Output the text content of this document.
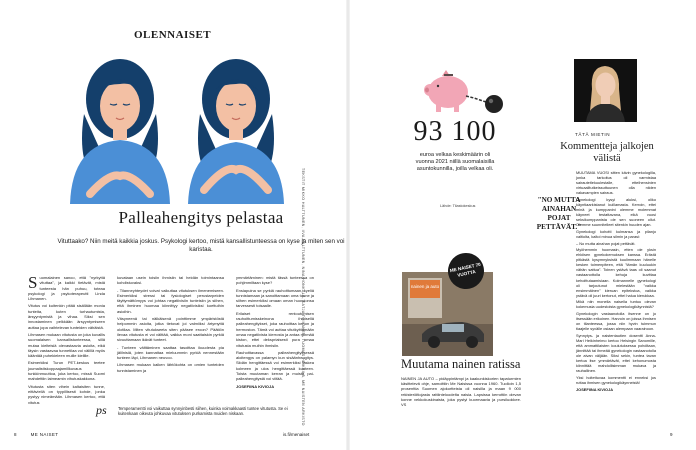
OLENNAISET
Palleahengitys pelastaa
Vituttaako? Niin meitä kaikkia joskus. Psykologi kertoo, mistä kansallistunteessa on kyse ja miten sen voi karistaa.

Suomalainen sanoo, että "nyrkyttä vituttaa", ja kaikki tietävät, mistä tunteesta hän puhuu, toteaa psykologi ja psykoterapeutti Linda Lihmanen.

Vitutus voi kuitenkin pitää sisällään monia tunteita, kuten turhautumista, ärsyyntymistä ja vihaa. Siksi sen innostaminen pelkkään ärsyyntymiseen auttaa jopa vaihtelevan tunteiden vähäistä.

Lihmasen mukaan vitutusta on joka kuvallis suomalaisen kansallistunteessa, sillä mutaa kielteisiä olevastaavia asioita, eikä täysin vastaavaa tunnetilaa voi välillä myös kääntää puhekieleen muille kielille.

Esimerkiksi Turun PET-keskus teetee joumalistiskoppaajamillkuvaus tunkkinmuuttoa, joka kertoo, missä Suomi mahdettiin laimeamin vihutuskakkona.

Vitutusta siten vihein kaltaisiten tunne, eittäviellä on tyypillisesti kohde, jonka pystyy nimeämään. Lihmasen kertoo, että vitutus

kuvataan usein toisiin ihmisiin tai heidän toimintaansa kohdistuvaksi.

- Tilanneyhteydet voivat vaikuttaa vitutuksen ilmenemiseen. Esimerkiksi stressi tai fysiologiset perustarpeiden täyttymättömyys voi johtaa negatiivisiin tunteisiin ja siihen, että ihminen huomaa kiinnittyy negatiivisiksi koettuihin asioihin.

Väsyneenä tai nälkäisenä pointtimme ympäristöstä helpommin asioita, jotka tietovat joi valmiiksi ärtymyttä olotilaa. Miten vitutukseeta siten pääsee eroon? Päätiön ilevaa vitutusta ei voi välttää, vaikka moni saattaiskin pyrkiä sivuuttamaan ikävät tunteet.

- Tunteen välttäminen saattaa tasoittaa ikuudesta pia jälilnisiä, joten kannattaa mieluummin pyrkiä nennestään tunteen läpi, Lihmanen neuvoo.

Lihmasen mukaan kaiken lähtökohta on omien tunteiden tunnistaminen ja

ymmärtäminen: mistä tässä tunteessa on pohjimmiltaan kyse?

Ensiapuina se pyrkiä rauhoittumaan, kyeliä tunnistamaan ja sanoittamaan oma tunne ja siihen esimerkiksi omaan oman huomionsa tarvessesti toisaalle.

Erilaiset rentoutumisen rauhoittumisskeinona ihmisellä palleahengitykset, joka rauhoittaa kehon ja hermoston. Tämä voi auttaa vitutkyittämään omaa negatiivista kierrosta ja antaa ryhmää kiston, ettei dekspriaisesti pura omaa vitutusta muihin ihmisiin.

Rauhoittavassa palleahengityksessä aloitengys on palamyn kun sisäänhengitys. Siidän hengittäessä voi esimerkiksi laskea kolmeen ja ulos hengittäessä kuuteen. Toista muutaman kerran ja muista pai-palleahengitystä voi viitää.

JOSEFIINA KIVIOJA

ps	Temperamentti voi vaikuttaa synnyinbesti siihen, kuinka voimakkaasti tuntee vitutusta. Se ei kuitenkaan oikeuta johkuvaa vitutuksen purkamista muiden niskaan.
8	ME NAISET	is.fi/menaiset
TEKSTIT MIKKO HALTTUNEN, IIVA HALTTUNEN, NINA HONKALA, KATJA TOIVANEN, TUOMAS HEIKKILÄ, ME NAISTEN ARKISTO
93 100
euroa velkaa keskimäärin oli vuonna 2021 niillä suomalaisilla asuntokunnilla, joilla velkaa oli.
Lähde: Tilastokeskus
nainen ja auto
ME NAISET 70 VUOTTA
Muutama nainen ratissa
NAINEN JA AUTO – pidäppintämpi ja kaakunkiskorien tapaturmien käsittelevä ohje, samoittiin Me Naisissa vuonna 1960. Tuolloin 1,5 prosenttia Suomen ajokortteista oli naisilla ja maan 9 000 rekisteröitiojasta rattiinteloodelta naisia. Lapsissa kerrottiin olevan konne vekkokuskinaista, joka pystyi kuormaavia ja pursiluokkee. VS
TÄTÄ MIETIN
Kommentteja jalkojen välistä
"NO MUTTA AINAHAN POJAT PETTÄVÄT."

MUUTAMA VUOSI sitten kävin gynekologilla, jonka tarkoitus oli varmistaa sairautetlekuulestalle, etteihensinien virtuaalitutkeissuttuunen olla niiden vakavampien sairaus.

Gynekologi kysyi aluksi, oliko käyntiaarkistanut kuillamasta. Kerroin, ettei minä ja kumppanini olemme molemmat käyneet testattavana, eikä vuosi seksikumppanista ole sen suoneen ollut. Olemme suunnitelleet sitenkin huuden ajan.

Gynekologi kohotti kulmansa ja pilanjo valtiolta, kaltoi minua silmin ja parasi:

– No mutta ainahan pojat pettävät.

Myöhemmin huomasin, etten ole yksin ehkiisen gynekokemuksen kanssa. Erästä pitkästä kysymnyksistä kuulimmaan hänelle kesken toimenpiteen, että "tämän kuuluukin vähän sattua". Toinen ystävä taas oli saanut vastaanottolla kehuja kuvittaa kehoittutaamisiaan. Kolmannelle gynekologi oli tarjoutunut mielestään "vaikka ensimmäinen" kieruan epitekstoa, vaikka ystävä oli juuri kertonut, ettei halua kierukkaa.

Mikä niin monella naisella tuntuu olevan kokemusia uudestoista gynekologikäynnistä?

Gynekologin vastaanotolla itsenne on jo itsessään erikoinen. Harvoin on joissa ihmisen on tilanteessa, jossa niin hyvin tuimmun tiaajelle syvälle osiaan alempaan vaarainoon.

Synnytys- ja naistentautien dosentti Anna-Mari Heikinheimo kertoo Helsingin Sanomille, että ammattilaisten koulutuksessa pohditaan, jännittää tai ihmeää gynekologin vastaanotolla ole aivan väljään. Siksi sekin, tuntea tavan kertoa itse ymmärtävät, ettei kehonumosta kiinnittää mahdollisimman mukava ja rauhallinen.

Yksi hoitettuvaa kommentti ei enneksi jus ruttaa ihmisen gynekologikäynneistä!

JOSEFIINA KIVIOJA

9
